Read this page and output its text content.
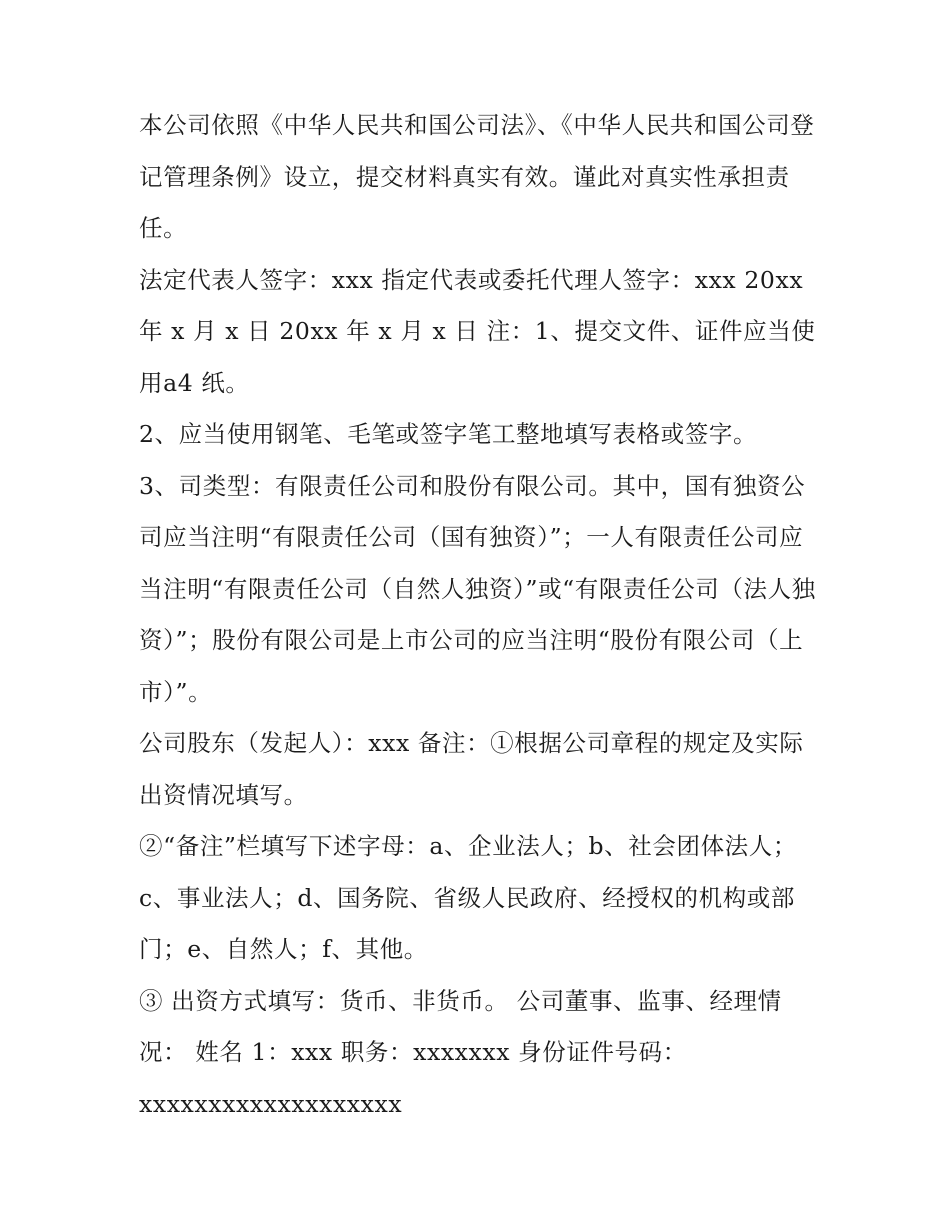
本公司依照《中华人民共和国公司法》、《中华人民共和国公司登记管理条例》设立，提交材料真实有效。谨此对真实性承担责任。

法定代表人签字：xxx 指定代表或委托代理人签字：xxx 20xx年 x 月 x 日 20xx 年 x 月 x 日 注：1、提交文件、证件应当使用a4 纸。

2、应当使用钢笔、毛笔或签字笔工整地填写表格或签字。

3、司类型：有限责任公司和股份有限公司。其中，国有独资公司应当注明“有限责任公司（国有独资）”；一人有限责任公司应当注明“有限责任公司（自然人独资）”或“有限责任公司（法人独资）”；股份有限公司是上市公司的应当注明“股份有限公司（上市）”。

公司股东（发起人）：xxx 备注：①根据公司章程的规定及实际出资情况填写。

②“备注”栏填写下述字母：a、企业法人；b、社会团体法人；c、事业法人；d、国务院、省级人民政府、经授权的机构或部门；e、自然人；f、其他。

③ 出资方式填写：货币、非货币。 公司董事、监事、经理情况： 姓名 1：xxx 职务：xxxxxxx 身份证件号码：

xxxxxxxxxxxxxxxxxxx
